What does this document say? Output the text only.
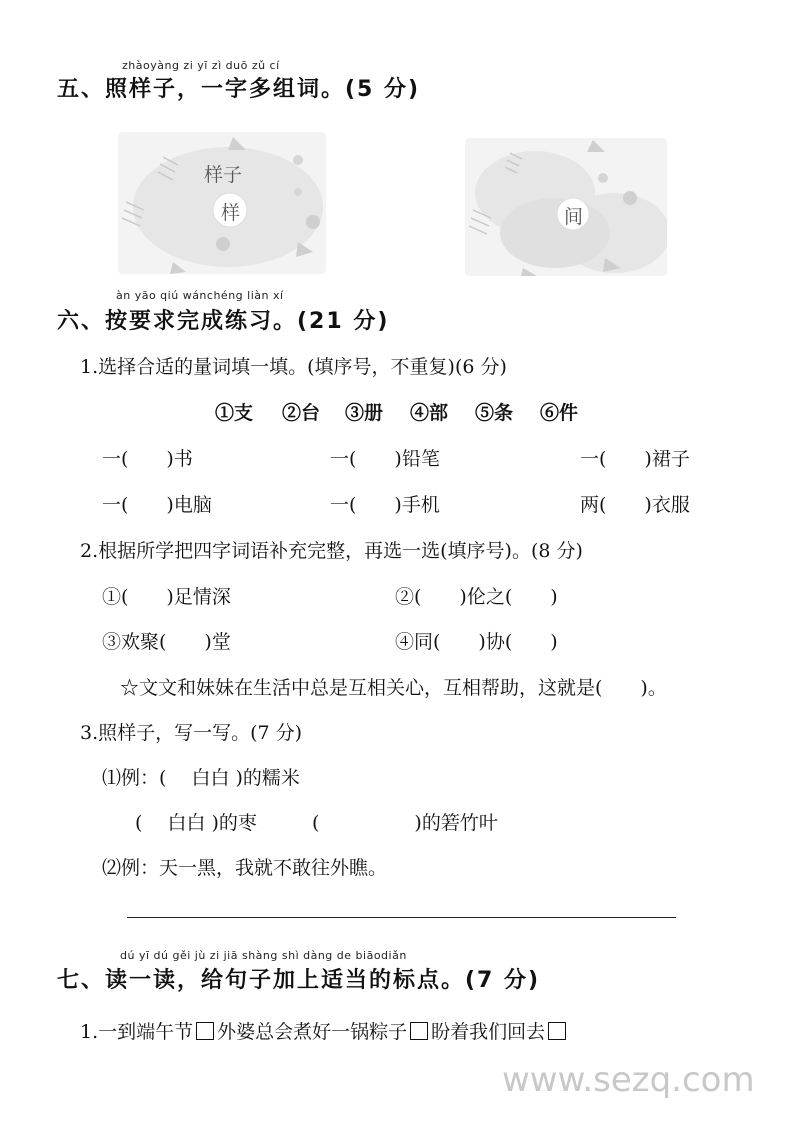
zhàoyàng zi yī zì duō zǔ cí
五、照样子，一字多组词。(5 分)
样子
样	间
àn yāo qiú wánchéng liàn xí
六、按要求完成练习。(21 分)
1.选择合适的量词填一填。(填序号，不重复)(6 分)
①支 ②台 ③册 ④部 ⑤条 ⑥件
一(　　)书	一(　　)铅笔	一(　　)裙子
一(　　)电脑	一(　　)手机	两(　　)衣服
2.根据所学把四字词语补充完整，再选一选(填序号)。(8 分)
①(　　)足情深	②(　　)伦之(　　)
③欢聚(　　)堂	④同(　　)协(　　)
☆文文和妹妹在生活中总是互相关心，互相帮助，这就是(　　)。
3.照样子，写一写。(7 分)
⑴例：(　 白白 )的糯米
(　 白白 )的枣	(　　　　　)的箬竹叶
⑵例：天一黑，我就不敢往外瞧。
dú yī dú gěi jù zi jiā shàng shì dàng de biāodiǎn
七、读一读，给句子加上适当的标点。(7 分)
1.一到端午节 外婆总会煮好一锅粽子 盼着我们回去
www.sezq.com
